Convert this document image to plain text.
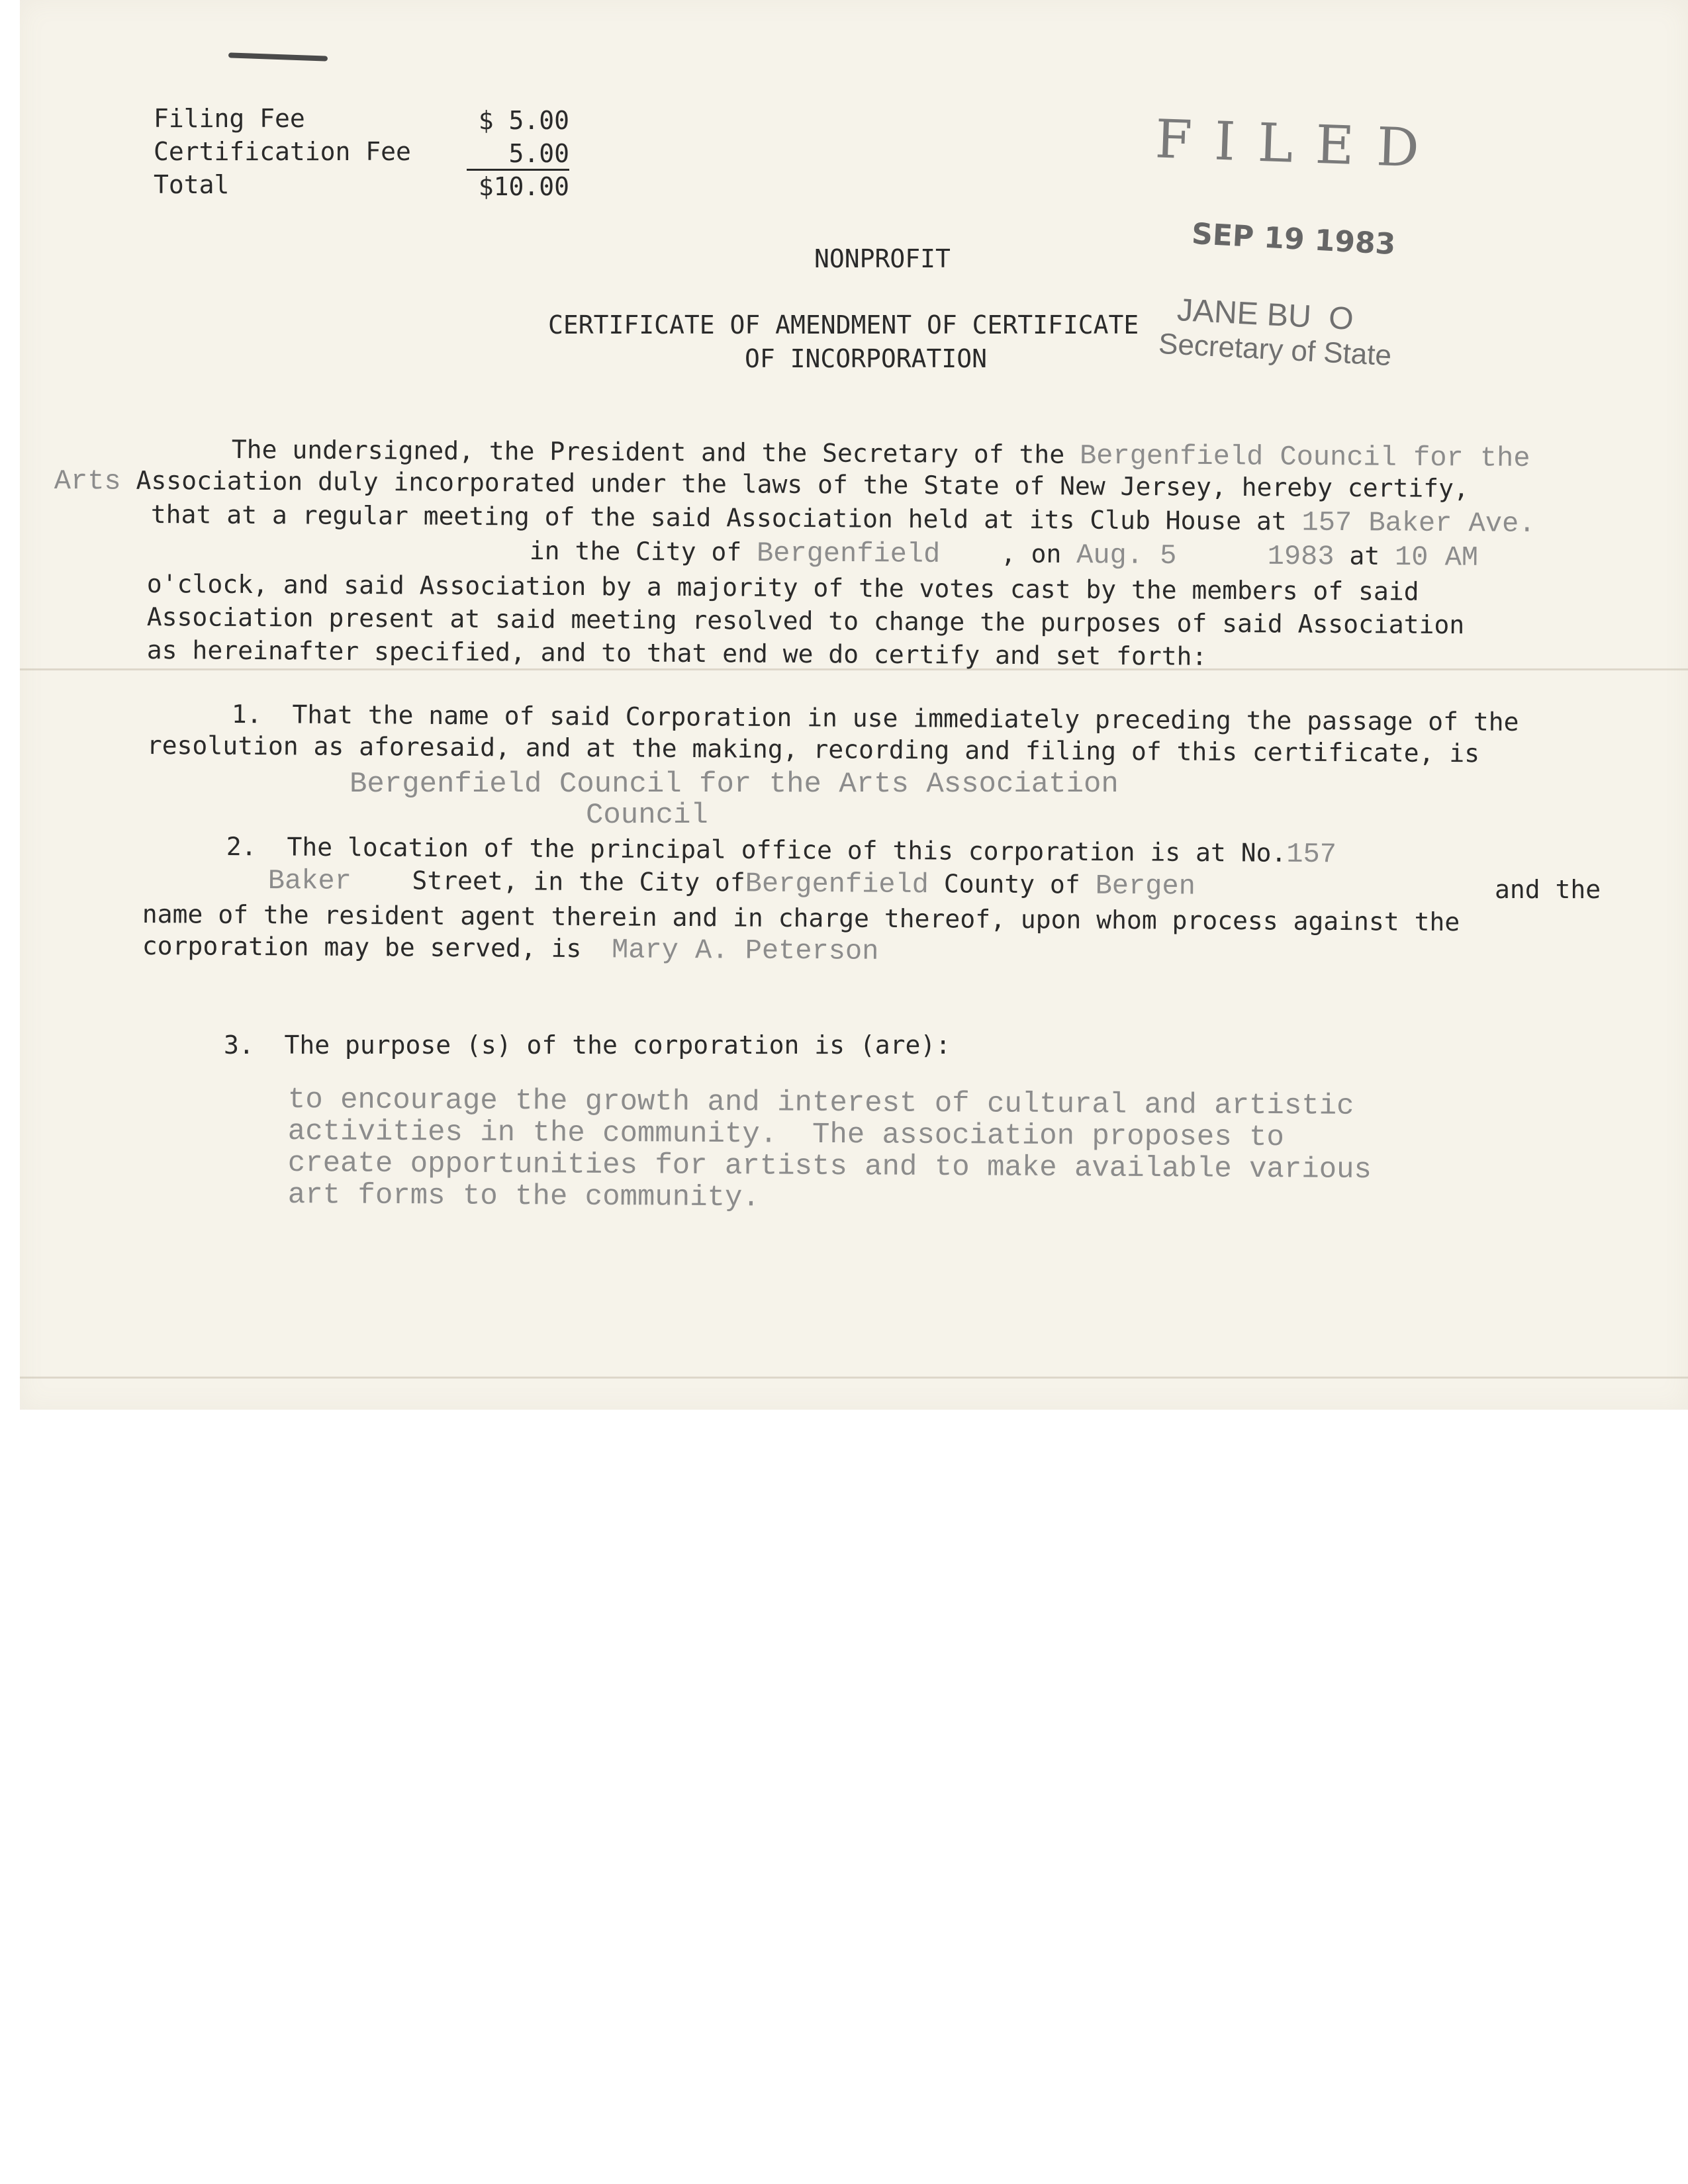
Filing Fee	$ 5.00
Certification Fee	5.00
Total	$10.00
FILED
SEP 19 1983
JANE BU  O
Secretary of State
NONPROFIT
CERTIFICATE OF AMENDMENT OF CERTIFICATE
OF INCORPORATION
The undersigned, the President and the Secretary of the Bergenfield Council for the
Arts Association duly incorporated under the laws of the State of New Jersey, hereby certify,
that at a regular meeting of the said Association held at its Club House at 157 Baker Ave.
in the City of Bergenfield    , on Aug. 5	1983 at 10 AM
o'clock, and said Association by a majority of the votes cast by the members of said
Association present at said meeting resolved to change the purposes of said Association
as hereinafter specified, and to that end we do certify and set forth:
1.  That the name of said Corporation in use immediately preceding the passage of the
resolution as aforesaid, and at the making, recording and filing of this certificate, is
Bergenfield Council for the Arts Association
Council
2.  The location of the principal office of this corporation is at No.157
Baker    Street, in the City ofBergenfield County of Bergen	and the
name of the resident agent therein and in charge thereof, upon whom process against the
corporation may be served, is  Mary A. Peterson
3.  The purpose (s) of the corporation is (are):
to encourage the growth and interest of cultural and artistic
activities in the community.  The association proposes to
create opportunities for artists and to make available various
art forms to the community.
